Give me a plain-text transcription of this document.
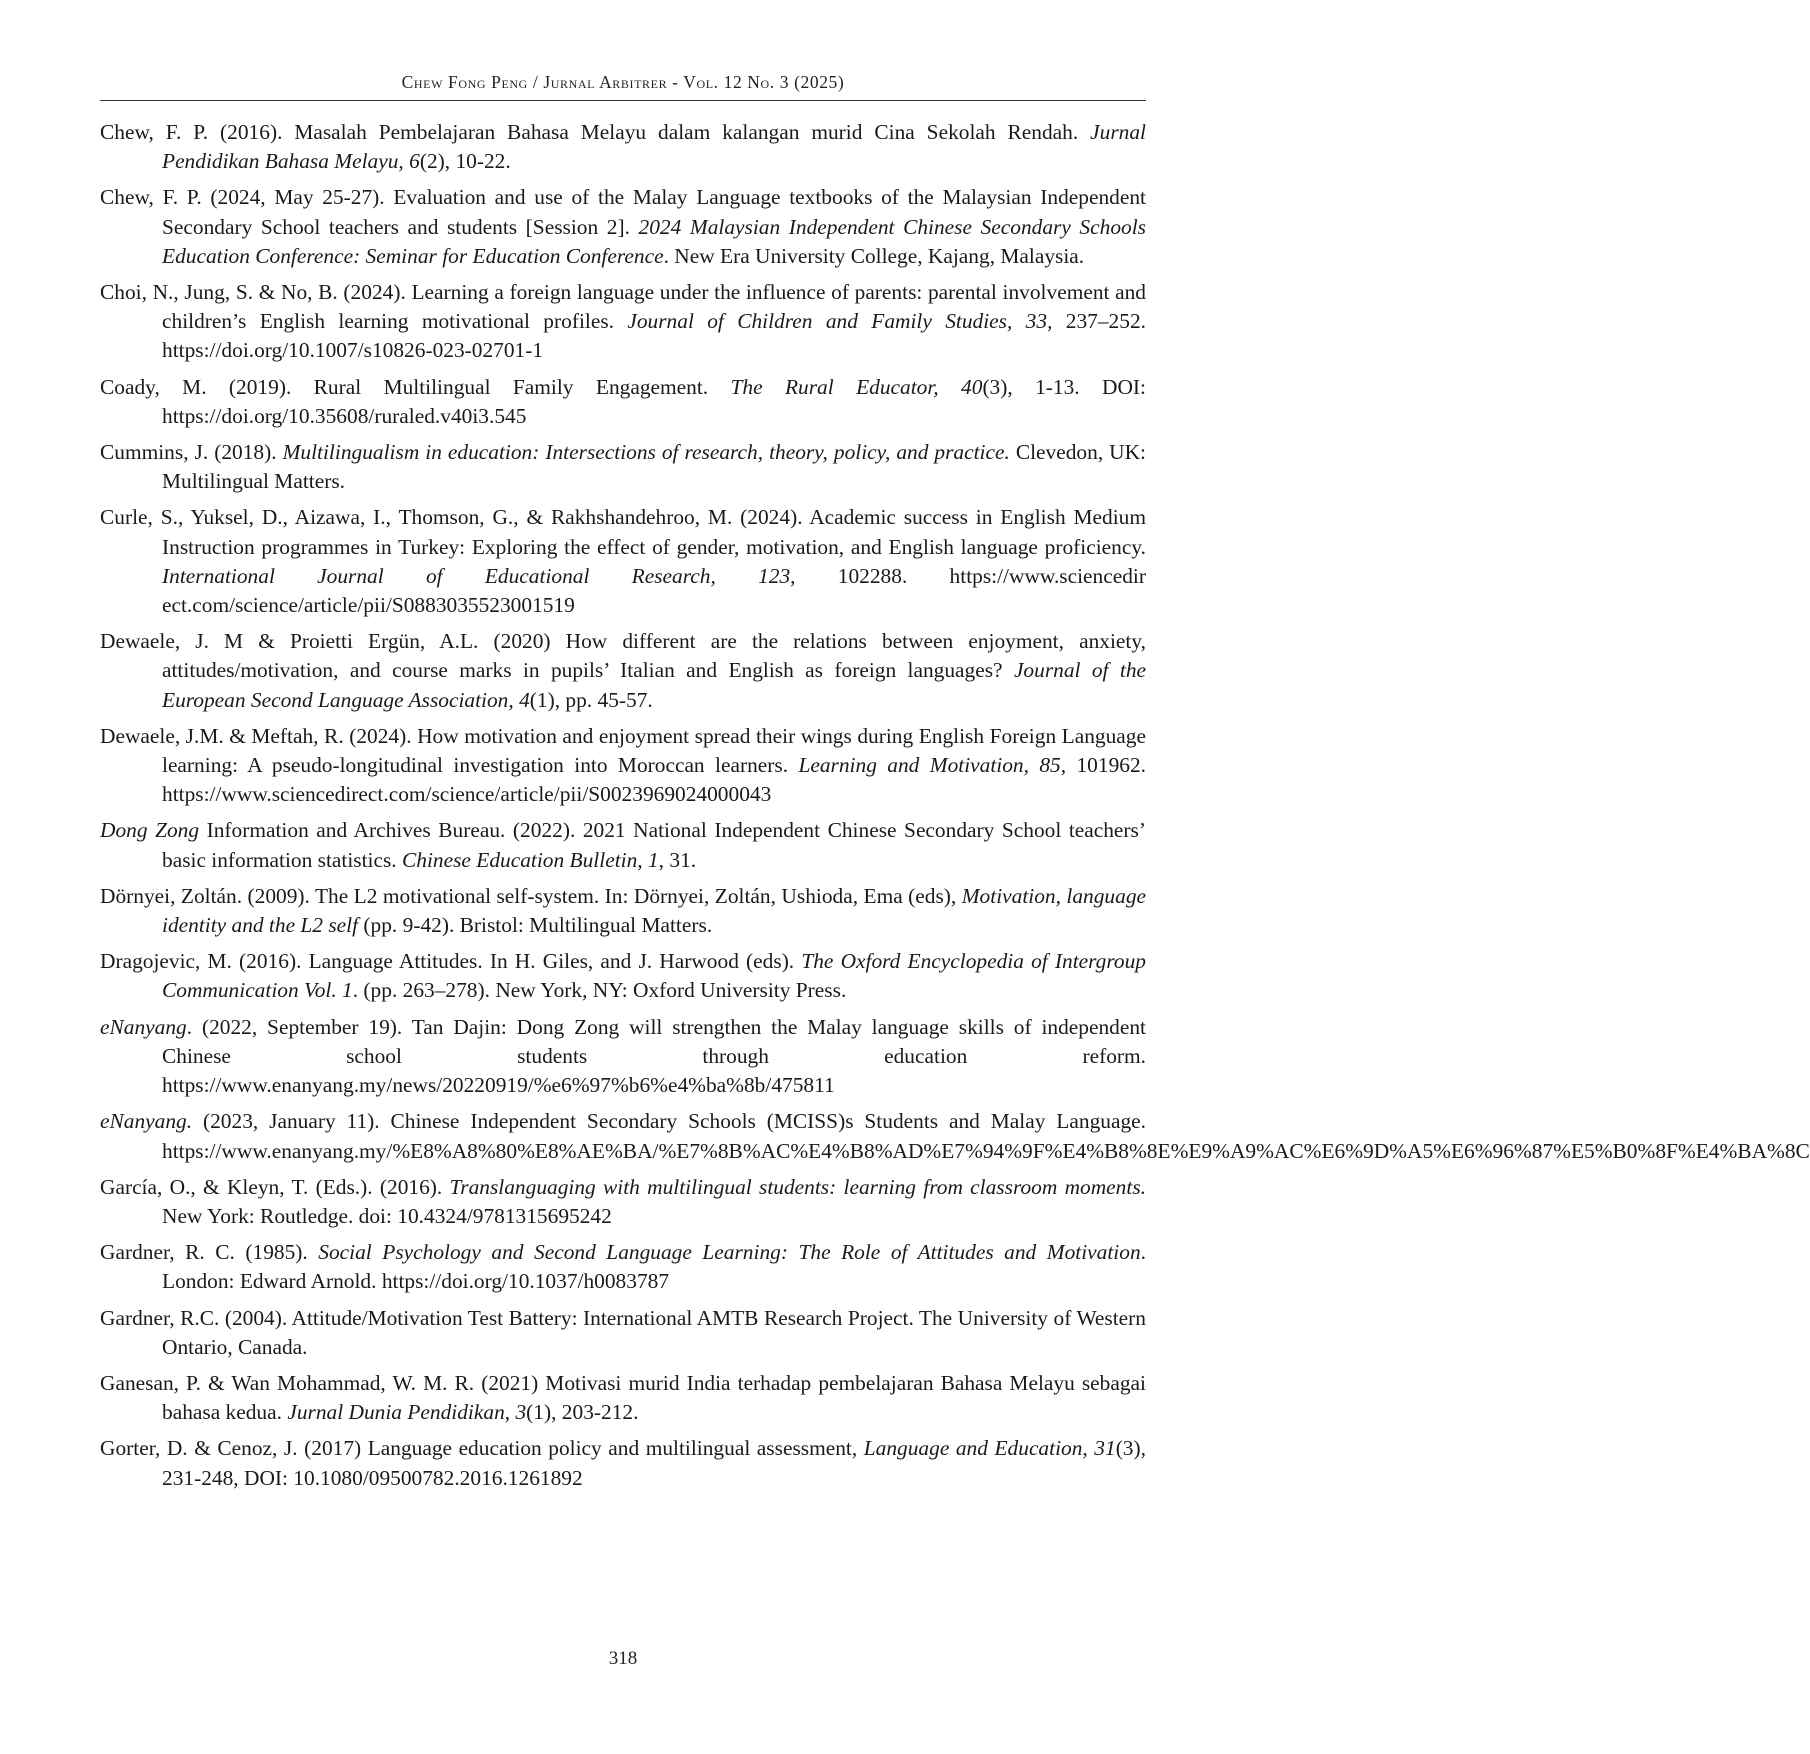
Chew Fong Peng / Jurnal Arbitrer - Vol. 12 No. 3 (2025)
Chew, F. P. (2016). Masalah Pembelajaran Bahasa Melayu dalam kalangan murid Cina Sekolah Rendah. Jurnal Pendidikan Bahasa Melayu, 6(2), 10-22.
Chew, F. P. (2024, May 25-27). Evaluation and use of the Malay Language textbooks of the Malaysian Independent Secondary School teachers and students [Session 2]. 2024 Malaysian Independent Chinese Secondary Schools Education Conference: Seminar for Education Conference. New Era University College, Kajang, Malaysia.
Choi, N., Jung, S. & No, B. (2024). Learning a foreign language under the influence of parents: parental involvement and children’s English learning motivational profiles. Journal of Children and Family Studies, 33, 237–252. https://doi.org/10.1007/s10826-023-02701-1
Coady, M. (2019). Rural Multilingual Family Engagement. The Rural Educator, 40(3), 1-13. DOI: https://doi.org/10.35608/ruraled.v40i3.545
Cummins, J. (2018). Multilingualism in education: Intersections of research, theory, policy, and practice. Clevedon, UK: Multilingual Matters.
Curle, S., Yuksel, D., Aizawa, I., Thomson, G., & Rakhshandehroo, M. (2024). Academic success in English Medium Instruction programmes in Turkey: Exploring the effect of gender, motivation, and English language proficiency. International Journal of Educational Research, 123, 102288. https://www.sciencedir ect.com/science/article/pii/S0883035523001519
Dewaele, J. M & Proietti Ergün, A.L. (2020) How different are the relations between enjoyment, anxiety, attitudes/motivation, and course marks in pupils’ Italian and English as foreign languages? Journal of the European Second Language Association, 4(1), pp. 45-57.
Dewaele, J.M. & Meftah, R. (2024). How motivation and enjoyment spread their wings during English Foreign Language learning: A pseudo-longitudinal investigation into Moroccan learners. Learning and Motivation, 85, 101962. https://www.sciencedirect.com/science/article/pii/S0023969024000043
Dong Zong Information and Archives Bureau. (2022). 2021 National Independent Chinese Secondary School teachers’ basic information statistics. Chinese Education Bulletin, 1, 31.
Dörnyei, Zoltán. (2009). The L2 motivational self-system. In: Dörnyei, Zoltán, Ushioda, Ema (eds), Motivation, language identity and the L2 self (pp. 9-42). Bristol: Multilingual Matters.
Dragojevic, M. (2016). Language Attitudes. In H. Giles, and J. Harwood (eds). The Oxford Encyclopedia of Intergroup Communication Vol. 1. (pp. 263–278). New York, NY: Oxford University Press.
eNanyang. (2022, September 19). Tan Dajin: Dong Zong will strengthen the Malay language skills of independent Chinese school students through education reform. https://www.enanyang.my/news/20220919/%e6%97%b6%e4%ba%8b/475811
eNanyang. (2023, January 11). Chinese Independent Secondary Schools (MCISS)s Students and Malay Language. https://www.enanyang.my/%E8%A8%80%E8%AE%BA/%E7%8B%AC%E4%B8%AD%E7%94%9F%E4%B8%8E%E9%A9%AC%E6%9D%A5%E6%96%87%E5%B0%8F%E4%BA%8C
García, O., & Kleyn, T. (Eds.). (2016). Translanguaging with multilingual students: learning from classroom moments. New York: Routledge. doi: 10.4324/9781315695242
Gardner, R. C. (1985). Social Psychology and Second Language Learning: The Role of Attitudes and Motivation. London: Edward Arnold. https://doi.org/10.1037/h0083787
Gardner, R.C. (2004). Attitude/Motivation Test Battery: International AMTB Research Project. The University of Western Ontario, Canada.
Ganesan, P. & Wan Mohammad, W. M. R. (2021) Motivasi murid India terhadap pembelajaran Bahasa Melayu sebagai bahasa kedua. Jurnal Dunia Pendidikan, 3(1), 203-212.
Gorter, D. & Cenoz, J. (2017) Language education policy and multilingual assessment, Language and Education, 31(3), 231-248, DOI: 10.1080/09500782.2016.1261892
318
